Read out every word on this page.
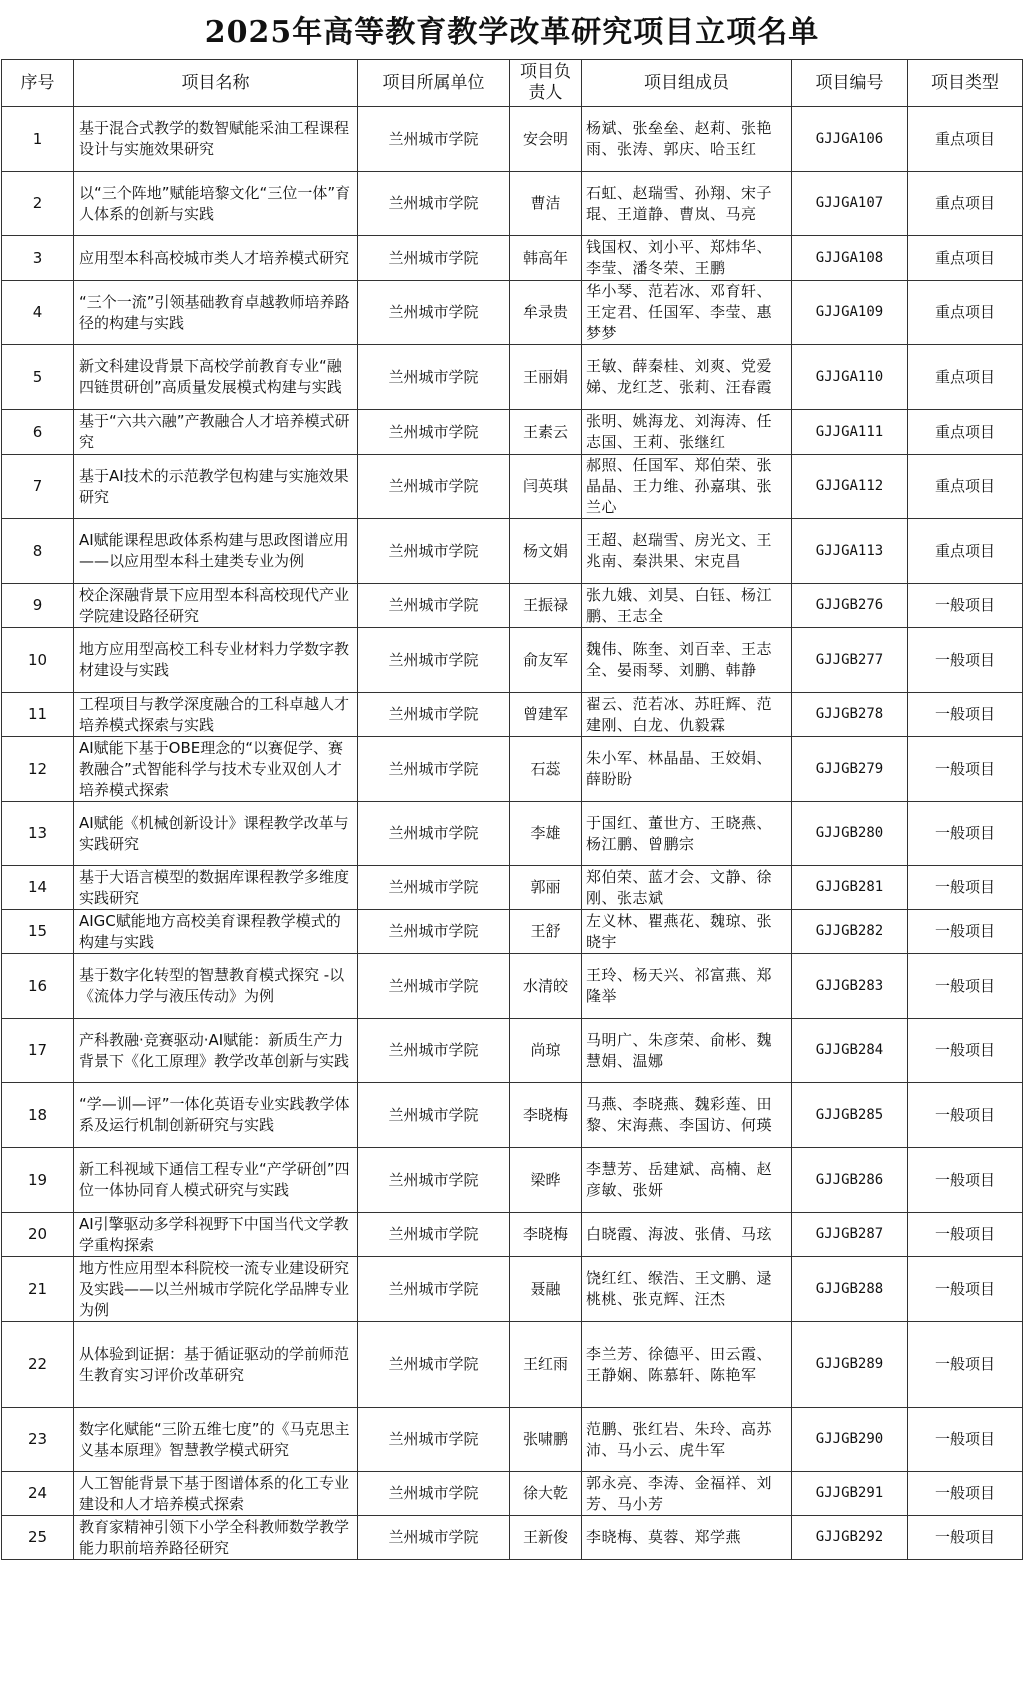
2025年高等教育教学改革研究项目立项名单
序号	项目名称	项目所属单位	项目负责人	项目组成员	项目编号	项目类型
1	基于混合式教学的数智赋能采油工程课程设计与实施效果研究	兰州城市学院	安会明	杨斌、张垒垒、赵莉、张艳雨、张涛、郭庆、哈玉红	GJJGA106	重点项目
2	以“三个阵地”赋能培黎文化“三位一体”育人体系的创新与实践	兰州城市学院	曹洁	石虹、赵瑞雪、孙翔、宋子琨、王道静、曹岚、马亮	GJJGA107	重点项目
3	应用型本科高校城市类人才培养模式研究	兰州城市学院	韩高年	钱国权、刘小平、郑炜华、李莹、潘冬荣、王鹏	GJJGA108	重点项目
4	“三个一流”引领基础教育卓越教师培养路径的构建与实践	兰州城市学院	牟录贵	华小琴、范若冰、邓育轩、王定君、任国军、李莹、惠梦梦	GJJGA109	重点项目
5	新文科建设背景下高校学前教育专业“融四链贯研创”高质量发展模式构建与实践	兰州城市学院	王丽娟	王敏、薛秦桂、刘爽、党爱娣、龙红芝、张莉、汪春霞	GJJGA110	重点项目
6	基于“六共六融”产教融合人才培养模式研究	兰州城市学院	王素云	张明、姚海龙、刘海涛、任志国、王莉、张继红	GJJGA111	重点项目
7	基于AI技术的示范教学包构建与实施效果研究	兰州城市学院	闫英琪	郝照、任国军、郑伯荣、张晶晶、王力维、孙嘉琪、张兰心	GJJGA112	重点项目
8	AI赋能课程思政体系构建与思政图谱应用——以应用型本科土建类专业为例	兰州城市学院	杨文娟	王超、赵瑞雪、房光文、王兆南、秦洪果、宋克昌	GJJGA113	重点项目
9	校企深融背景下应用型本科高校现代产业学院建设路径研究	兰州城市学院	王振禄	张九娥、刘昊、白钰、杨江鹏、王志全	GJJGB276	一般项目
10	地方应用型高校工科专业材料力学数字教材建设与实践	兰州城市学院	俞友军	魏伟、陈奎、刘百幸、王志全、晏雨琴、刘鹏、韩静	GJJGB277	一般项目
11	工程项目与教学深度融合的工科卓越人才培养模式探索与实践	兰州城市学院	曾建军	翟云、范若冰、苏旺辉、范建刚、白龙、仇毅霖	GJJGB278	一般项目
12	AI赋能下基于OBE理念的“以赛促学、赛教融合”式智能科学与技术专业双创人才培养模式探索	兰州城市学院	石蕊	朱小军、林晶晶、王姣娟、薛盼盼	GJJGB279	一般项目
13	AI赋能《机械创新设计》课程教学改革与实践研究	兰州城市学院	李雄	于国红、董世方、王晓燕、杨江鹏、曾鹏宗	GJJGB280	一般项目
14	基于大语言模型的数据库课程教学多维度实践研究	兰州城市学院	郭丽	郑伯荣、蓝才会、文静、徐刚、张志斌	GJJGB281	一般项目
15	AIGC赋能地方高校美育课程教学模式的构建与实践	兰州城市学院	王舒	左义林、瞿燕花、魏琼、张晓宇	GJJGB282	一般项目
16	基于数字化转型的智慧教育模式探究 -以《流体力学与液压传动》为例	兰州城市学院	水清皎	王玲、杨天兴、祁富燕、郑隆举	GJJGB283	一般项目
17	产科教融·竞赛驱动·AI赋能：新质生产力背景下《化工原理》教学改革创新与实践	兰州城市学院	尚琼	马明广、朱彦荣、俞彬、魏慧娟、温娜	GJJGB284	一般项目
18	“学—训—评”一体化英语专业实践教学体系及运行机制创新研究与实践	兰州城市学院	李晓梅	马燕、李晓燕、魏彩莲、田黎、宋海燕、李国访、何瑛	GJJGB285	一般项目
19	新工科视域下通信工程专业“产学研创”四位一体协同育人模式研究与实践	兰州城市学院	梁晔	李慧芳、岳建斌、高楠、赵彦敏、张妍	GJJGB286	一般项目
20	AI引擎驱动多学科视野下中国当代文学教学重构探索	兰州城市学院	李晓梅	白晓霞、海波、张倩、马玹	GJJGB287	一般项目
21	地方性应用型本科院校一流专业建设研究及实践——以兰州城市学院化学品牌专业为例	兰州城市学院	聂融	饶红红、缑浩、王文鹏、逯桃桃、张克辉、汪杰	GJJGB288	一般项目
22	从体验到证据：基于循证驱动的学前师范生教育实习评价改革研究	兰州城市学院	王红雨	李兰芳、徐德平、田云霞、王静娴、陈慕轩、陈艳军	GJJGB289	一般项目
23	数字化赋能“三阶五维七度”的《马克思主义基本原理》智慧教学模式研究	兰州城市学院	张啸鹏	范鹏、张红岩、朱玲、高苏沛、马小云、虎牛军	GJJGB290	一般项目
24	人工智能背景下基于图谱体系的化工专业建设和人才培养模式探索	兰州城市学院	徐大乾	郭永亮、李涛、金福祥、刘芳、马小芳	GJJGB291	一般项目
25	教育家精神引领下小学全科教师数学教学能力职前培养路径研究	兰州城市学院	王新俊	李晓梅、莫蓉、郑学燕	GJJGB292	一般项目
